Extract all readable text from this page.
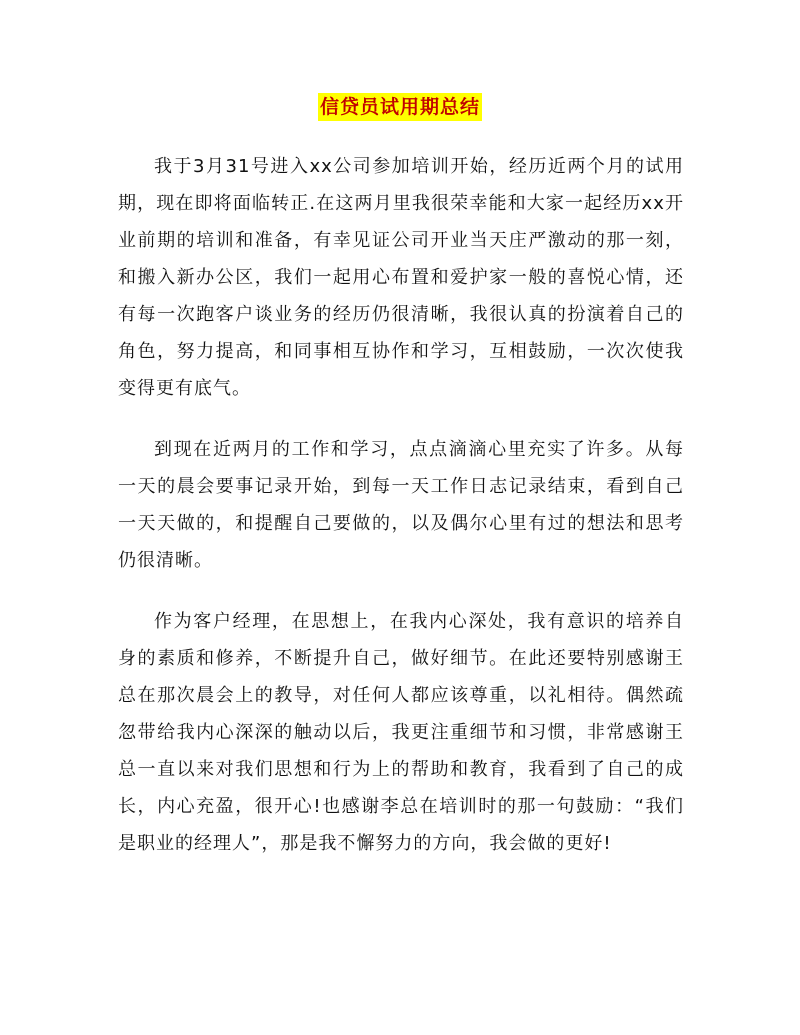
信贷员试用期总结

我于3月31号进入xx公司参加培训开始，经历近两个月的试用期，现在即将面临转正.在这两月里我很荣幸能和大家一起经历xx开业前期的培训和准备，有幸见证公司开业当天庄严激动的那一刻，和搬入新办公区，我们一起用心布置和爱护家一般的喜悦心情，还有每一次跑客户谈业务的经历仍很清晰，我很认真的扮演着自己的角色，努力提高，和同事相互协作和学习，互相鼓励，一次次使我变得更有底气。

到现在近两月的工作和学习，点点滴滴心里充实了许多。从每一天的晨会要事记录开始，到每一天工作日志记录结束，看到自己一天天做的，和提醒自己要做的，以及偶尔心里有过的想法和思考仍很清晰。

作为客户经理，在思想上，在我内心深处，我有意识的培养自身的素质和修养，不断提升自己，做好细节。在此还要特别感谢王总在那次晨会上的教导，对任何人都应该尊重，以礼相待。偶然疏忽带给我内心深深的触动以后，我更注重细节和习惯，非常感谢王总一直以来对我们思想和行为上的帮助和教育，我看到了自己的成长，内心充盈，很开心!也感谢李总在培训时的那一句鼓励：“我们是职业的经理人”，那是我不懈努力的方向，我会做的更好!
